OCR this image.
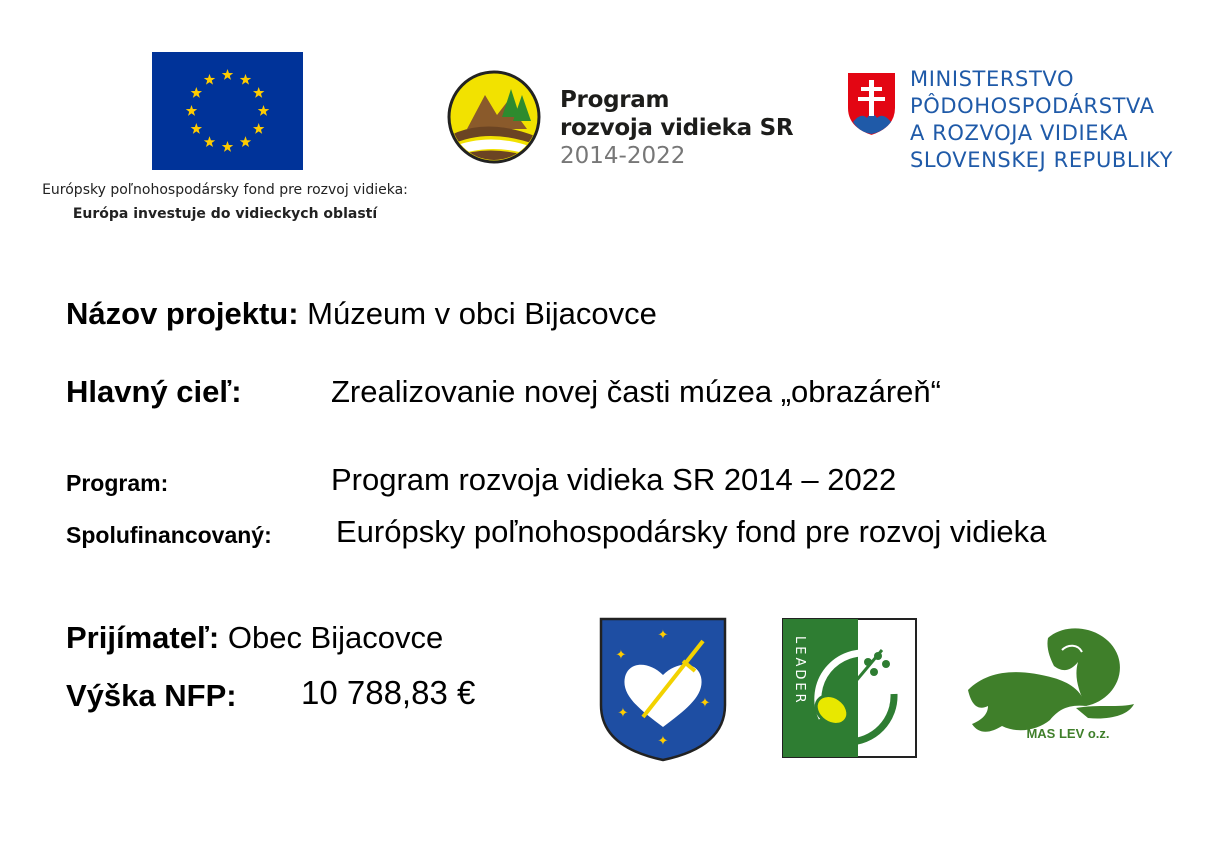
Európsky poľnohospodársky fond pre rozvoj vidieka:
Európa investuje do vidieckych oblastí
Program
rozvoja vidieka SR
2014-2022
MINISTERSTVO
PÔDOHOSPODÁRSTVA
A ROZVOJA VIDIEKA
SLOVENSKEJ REPUBLIKY
Názov projektu: Múzeum v obci Bijacovce
Hlavný cieľ:	Zrealizovanie novej časti múzea „obrazáreň“
Program:	Program rozvoja vidieka SR 2014 – 2022
Spolufinancovaný: Európsky poľnohospodársky fond pre rozvoj vidieka
Prijímateľ: Obec Bijacovce
Výška NFP: 10 788,83 €
✦
✦
✦
✦
✦
LEADER
MAS LEV o.z.
